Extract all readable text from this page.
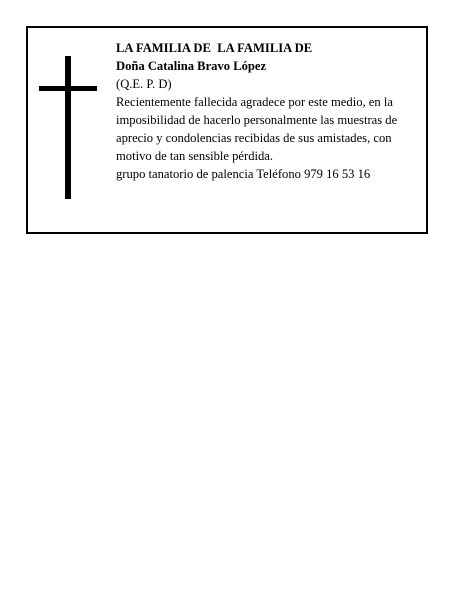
LA FAMILIA DE  LA FAMILIA DE
Doña Catalina Bravo López
(Q.E. P. D)
Recientemente fallecida agradece por este medio, en la imposibilidad de hacerlo personalmente las muestras de aprecio y condolencias recibidas de sus amistades, con motivo de tan sensible pérdida.
grupo tanatorio de palencia Teléfono 979 16 53 16
